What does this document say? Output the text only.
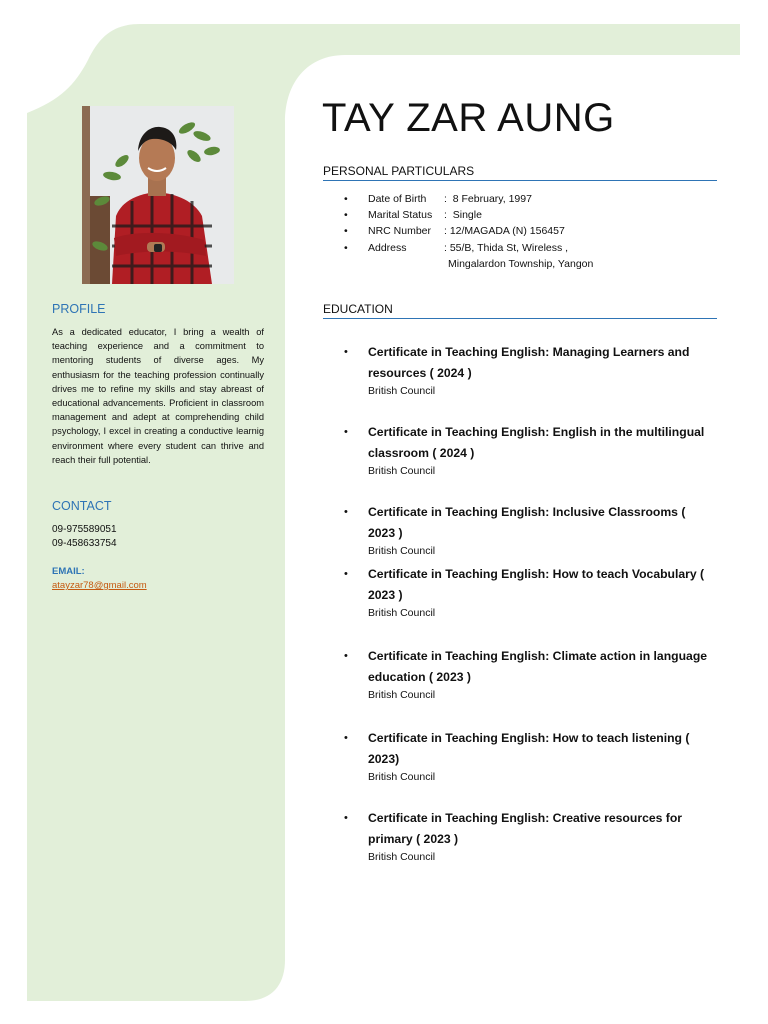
PROFILE
As a dedicated educator, I bring a wealth of teaching experience and a commitment to mentoring students of diverse ages. My enthusiasm for the teaching profession continually drives me to refine my skills and stay abreast of educational advancements. Proficient in classroom management and adept at comprehending child psychology, I excel in creating a conductive learnig environment where every student can thrive and reach their full potential.
CONTACT
09-975589051
09-458633754
EMAIL:
atayzar78@gmail.com
TAY ZAR AUNG
PERSONAL PARTICULARS
•	Date of Birth	:  8 February, 1997
•	Marital Status	:  Single
•	NRC Number	: 12/MAGADA (N) 156457
•	Address	: 55/B, Thida St, Wireless ,
Mingalardon Township, Yangon
EDUCATION
•	Certificate in Teaching English: Managing Learners and resources ( 2024 )
British Council
•	Certificate in Teaching English: English in the multilingual classroom ( 2024 )
British Council
•	Certificate in Teaching English: Inclusive Classrooms ( 2023 )
British Council
•	Certificate in Teaching English: How to teach Vocabulary ( 2023 )
British Council
•	Certificate in Teaching English: Climate action in language education ( 2023 )
British Council
•	Certificate in Teaching English: How to teach listening ( 2023)
British Council
•	Certificate in Teaching English: Creative resources for primary ( 2023 )
British Council
